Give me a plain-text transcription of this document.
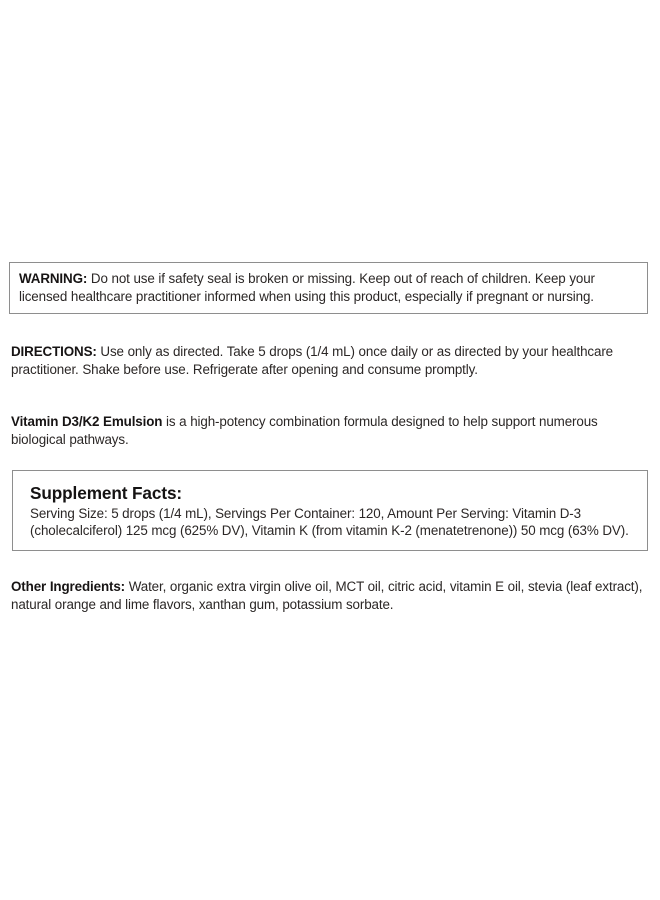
WARNING: Do not use if safety seal is broken or missing. Keep out of reach of children. Keep your licensed healthcare practitioner informed when using this product, especially if pregnant or nursing.
DIRECTIONS: Use only as directed. Take 5 drops (1/4 mL) once daily or as directed by your healthcare practitioner. Shake before use. Refrigerate after opening and consume promptly.
Vitamin D3/K2 Emulsion is a high-potency combination formula designed to help support numerous biological pathways.
Supplement Facts:
Serving Size: 5 drops (1/4 mL), Servings Per Container: 120, Amount Per Serving: Vitamin D-3 (cholecalciferol) 125 mcg (625% DV), Vitamin K (from vitamin K-2 (menatetrenone)) 50 mcg (63% DV).
Other Ingredients: Water, organic extra virgin olive oil, MCT oil, citric acid, vitamin E oil, stevia (leaf extract), natural orange and lime flavors, xanthan gum, potassium sorbate.
